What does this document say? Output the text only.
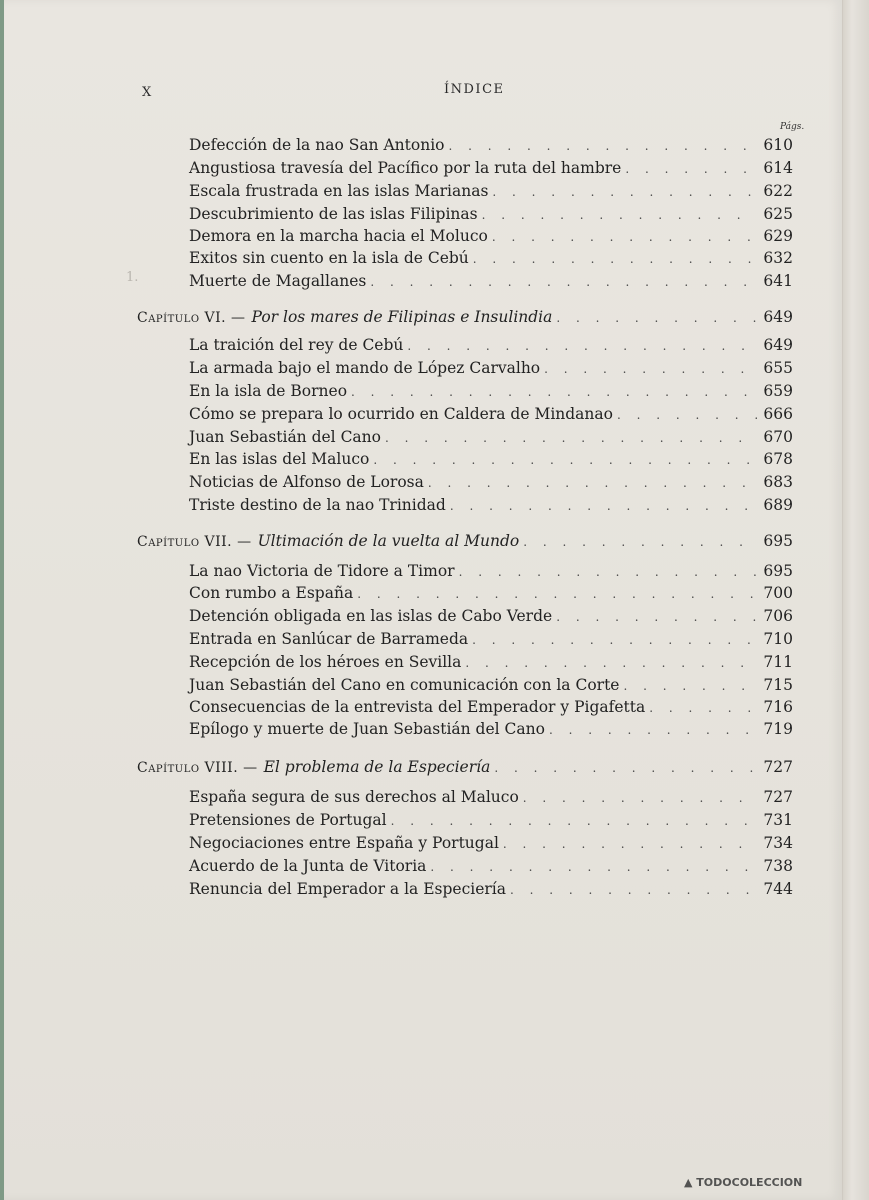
X	ÍNDICE
Págs.
1.
Defección de la nao San Antonio . . .	610
Angustiosa travesía del Pacífico por la ruta del hambre . . .	614
Escala frustrada en las islas Marianas . . .	622
Descubrimiento de las islas Filipinas . . .	625
Demora en la marcha hacia el Moluco . . .	629
Exitos sin cuento en la isla de Cebú . . .	632
Muerte de Magallanes . . .	641
Capítulo VI. — Por los mares de Filipinas e Insulindia . . .	649
La traición del rey de Cebú . . .	649
La armada bajo el mando de López Carvalho . . .	655
En la isla de Borneo . . .	659
Cómo se prepara lo ocurrido en Caldera de Mindanao . . .	666
Juan Sebastián del Cano . . .	670
En las islas del Maluco . . .	678
Noticias de Alfonso de Lorosa . . .	683
Triste destino de la nao Trinidad . . .	689
Capítulo VII. — Ultimación de la vuelta al Mundo . . .	695
La nao Victoria de Tidore a Timor . . .	695
Con rumbo a España . . .	700
Detención obligada en las islas de Cabo Verde . . .	706
Entrada en Sanlúcar de Barrameda . . .	710
Recepción de los héroes en Sevilla . . .	711
Juan Sebastián del Cano en comunicación con la Corte . . .	715
Consecuencias de la entrevista del Emperador y Pigafetta . . .	716
Epílogo y muerte de Juan Sebastián del Cano . . .	719
Capítulo VIII. — El problema de la Especiería . . .	727
España segura de sus derechos al Maluco . . .	727
Pretensiones de Portugal . . .	731
Negociaciones entre España y Portugal . . .	734
Acuerdo de la Junta de Vitoria . . .	738
Renuncia del Emperador a la Especiería . . .	744
▲ TODOCOLECCION
